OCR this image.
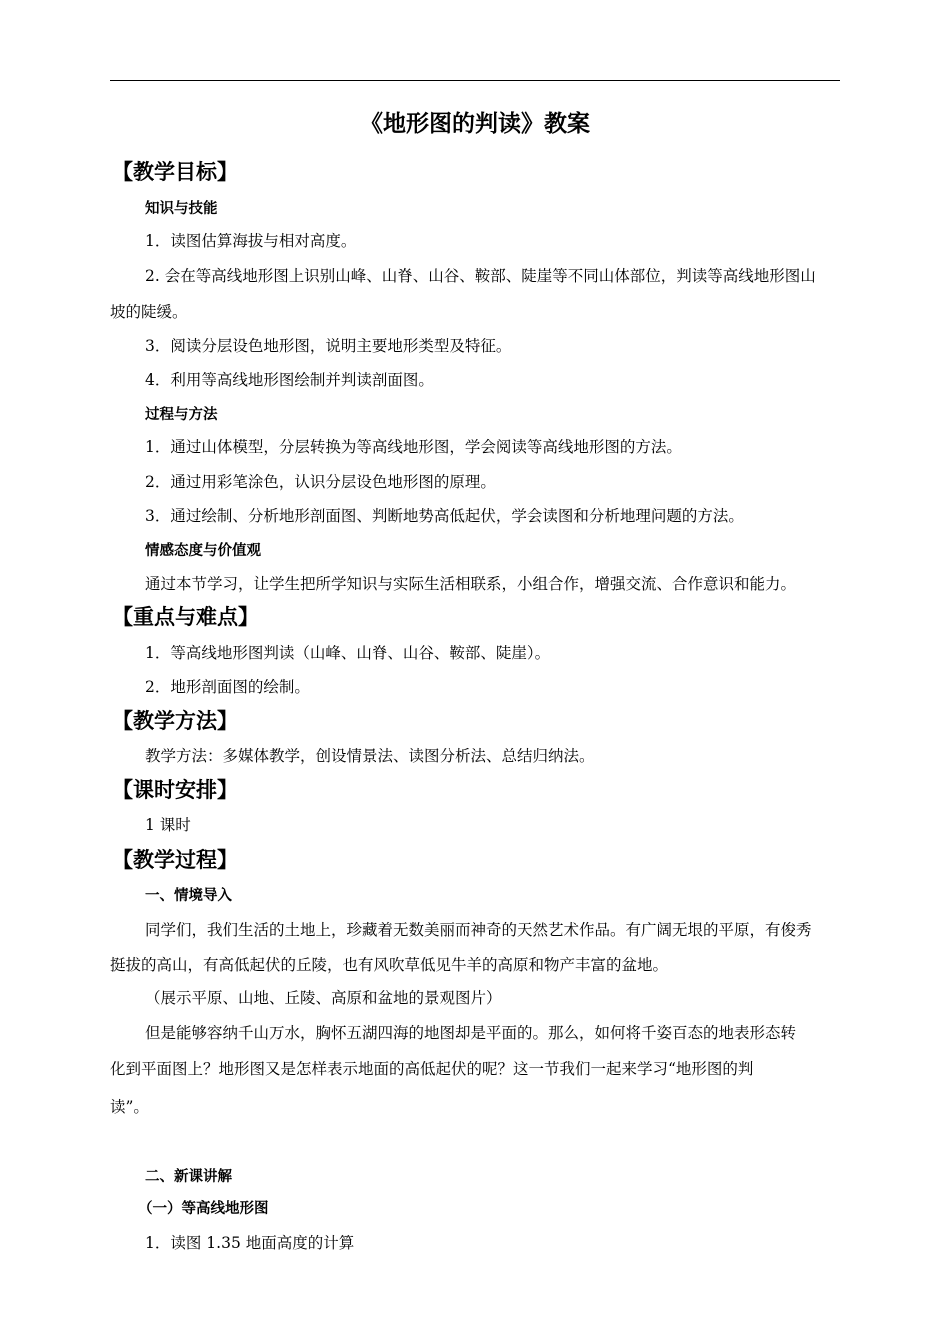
《地形图的判读》教案
【教学目标】
知识与技能
1．读图估算海拔与相对高度。
2. 会在等高线地形图上识别山峰、山脊、山谷、鞍部、陡崖等不同山体部位，判读等高线地形图山
坡的陡缓。
3．阅读分层设色地形图，说明主要地形类型及特征。
4．利用等高线地形图绘制并判读剖面图。
过程与方法
1．通过山体模型，分层转换为等高线地形图，学会阅读等高线地形图的方法。
2．通过用彩笔涂色，认识分层设色地形图的原理。
3．通过绘制、分析地形剖面图、判断地势高低起伏，学会读图和分析地理问题的方法。
情感态度与价值观
通过本节学习，让学生把所学知识与实际生活相联系，小组合作，增强交流、合作意识和能力。
【重点与难点】
1．等高线地形图判读（山峰、山脊、山谷、鞍部、陡崖）。
2．地形剖面图的绘制。
【教学方法】
教学方法：多媒体教学，创设情景法、读图分析法、总结归纳法。
【课时安排】
1 课时
【教学过程】
一、情境导入
同学们，我们生活的土地上，珍藏着无数美丽而神奇的天然艺术作品。有广阔无垠的平原，有俊秀
挺拔的高山，有高低起伏的丘陵，也有风吹草低见牛羊的高原和物产丰富的盆地。
（展示平原、山地、丘陵、高原和盆地的景观图片）
但是能够容纳千山万水，胸怀五湖四海的地图却是平面的。那么，如何将千姿百态的地表形态转
化到平面图上？地形图又是怎样表示地面的高低起伏的呢？这一节我们一起来学习“地形图的判
读”。
二、新课讲解
（一）等高线地形图
1．读图 1.35 地面高度的计算
